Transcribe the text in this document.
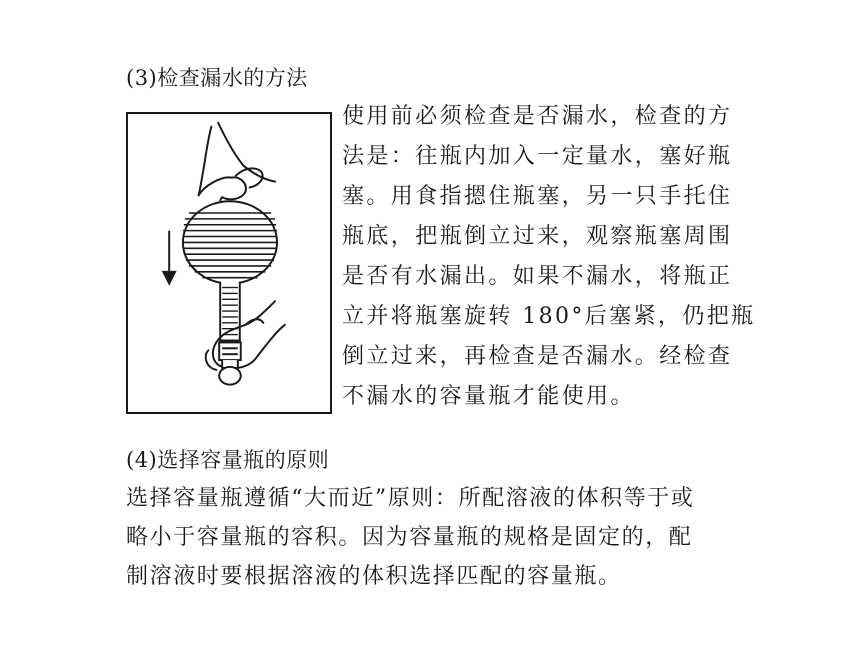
(3)检查漏水的方法
使用前必须检查是否漏水，检查的方
法是：往瓶内加入一定量水，塞好瓶
塞。用食指摁住瓶塞，另一只手托住
瓶底，把瓶倒立过来，观察瓶塞周围
是否有水漏出。如果不漏水，将瓶正
立并将瓶塞旋转 180°后塞紧，仍把瓶
倒立过来，再检查是否漏水。经检查
不漏水的容量瓶才能使用。
(4)选择容量瓶的原则
选择容量瓶遵循“大而近”原则：所配溶液的体积等于或
略小于容量瓶的容积。因为容量瓶的规格是固定的，配
制溶液时要根据溶液的体积选择匹配的容量瓶。
